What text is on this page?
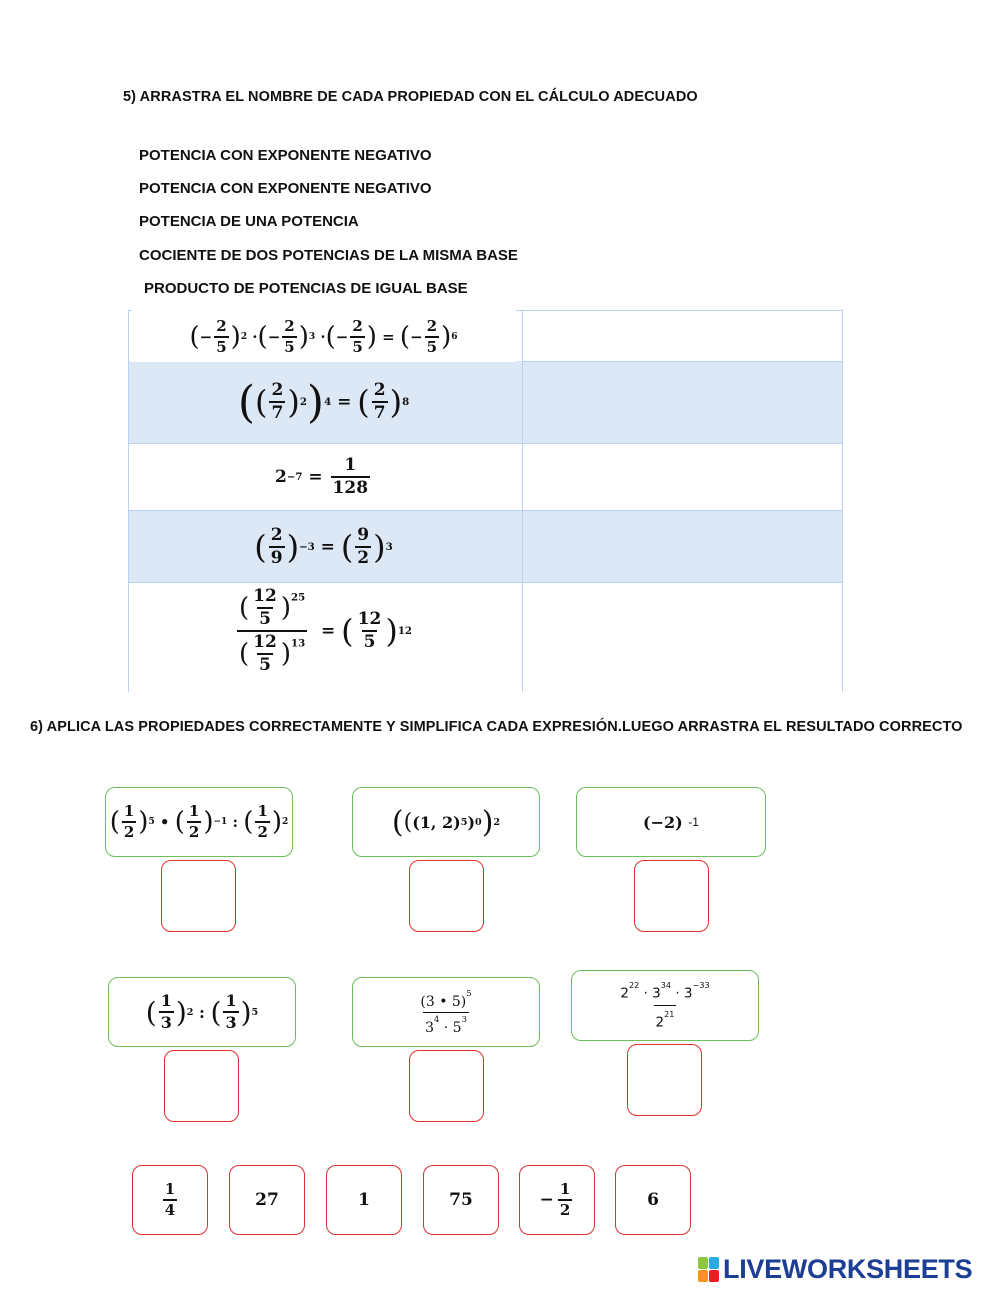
5) ARRASTRA EL NOMBRE DE CADA PROPIEDAD CON EL CÁLCULO ADECUADO
POTENCIA CON EXPONENTE NEGATIVO
POTENCIA CON EXPONENTE NEGATIVO
POTENCIA DE UNA POTENCIA
COCIENTE DE DOS POTENCIAS DE LA MISMA BASE
PRODUCTO DE POTENCIAS DE IGUAL BASE
( − $\frac{2}{5}$ ) 2 · ( − $\frac{2}{5}$ ) 3 · ( − $\frac{2}{5}$ ) = ( − $\frac{2}{5}$ ) 6
( ( $\frac{2}{7}$ ) 2 ) 4 = ( $\frac{2}{7}$ ) 8
$2 -7 = \frac{1}{128}$
( $\frac{2}{9}$ ) −3 = ( $\frac{9}{2}$ ) 3
$\frac{( \frac{12}{5} )^{25}}{( \frac{12}{5} )^{13}}$ = ( $\frac{12}{5}$ ) 12
6) APLICA LAS PROPIEDADES CORRECTAMENTE Y SIMPLIFICA CADA EXPRESIÓN.LUEGO ARRASTRA EL RESULTADO CORRECTO
( $\frac{1}{2}$ ) 5 • ( $\frac{1}{2}$ ) −1 : ( $\frac{1}{2}$ ) 2	( ( (1, 2) 5 ) 0 ) 2	(−2) -1
( $\frac{1}{3}$ ) 2 : ( $\frac{1}{3}$ ) 5	$\frac{(3 • 5)^5}{3^4 \cdot 5^3}$	$\frac{2^{22} \cdot 3^{34} \cdot 3^{-33}}{2^{21}}$
$\frac{1}{4}$	27	1	75	− $\frac{1}{2}$	6
LIVEWORKSHEETS
